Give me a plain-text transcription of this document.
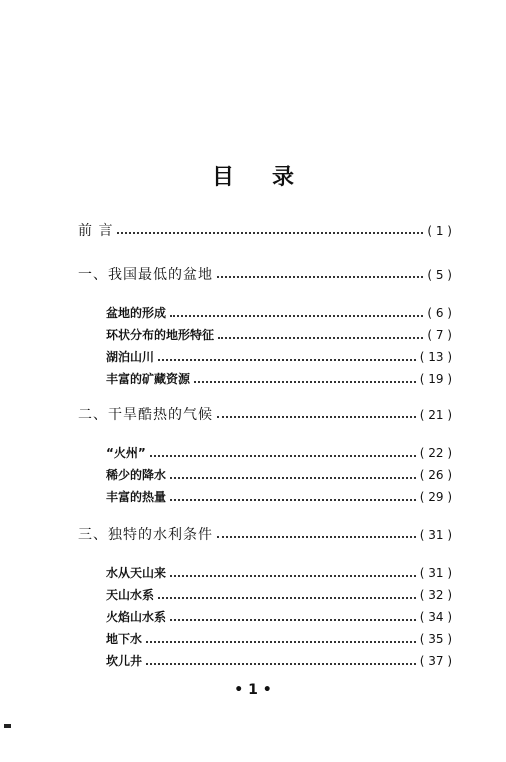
目录
前 言	( 1 )
一、我国最低的盆地	( 5 )
盆地的形成	( 6 )
环状分布的地形特征	( 7 )
湖泊山川	( 13 )
丰富的矿藏资源	( 19 )
二、干旱酷热的气候	( 21 )
“火州”	( 22 )
稀少的降水	( 26 )
丰富的热量	( 29 )
三、独特的水利条件	( 31 )
水从天山来	( 31 )
天山水系	( 32 )
火焰山水系	( 34 )
地下水	( 35 )
坎儿井	( 37 )
• 1 •
